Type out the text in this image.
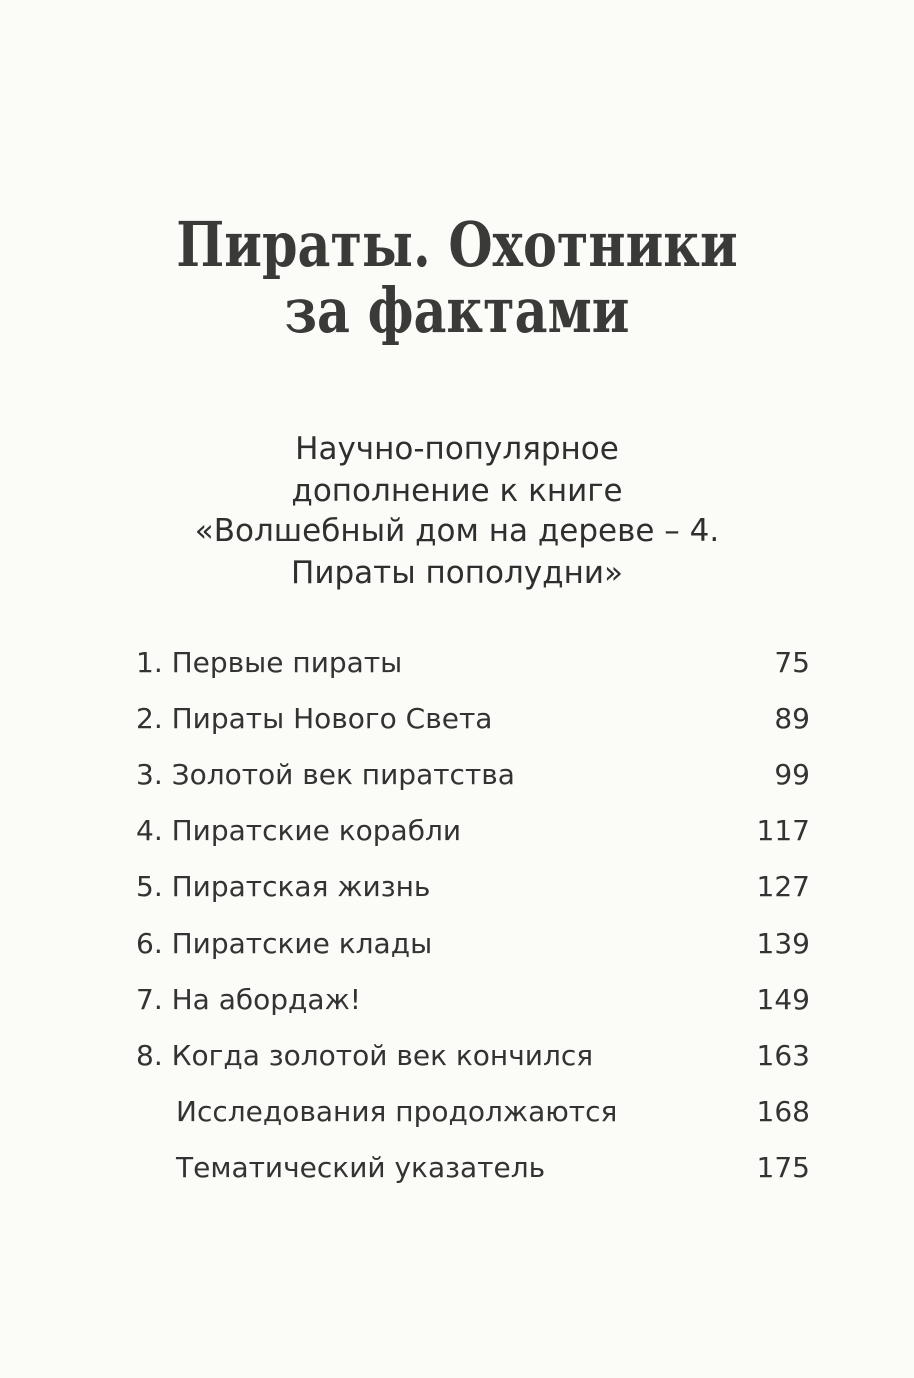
Пираты. Охотники
за фактами
Научно-популярное
дополнение к книге
«Волшебный дом на дереве – 4.
Пираты пополудни»
1. Первые пираты	75
2. Пираты Нового Света	89
3. Золотой век пиратства	99
4. Пиратские корабли	117
5. Пиратская жизнь	127
6. Пиратские клады	139
7. На абордаж!	149
8. Когда золотой век кончился	163
Исследования продолжаются	168
Тематический указатель	175
